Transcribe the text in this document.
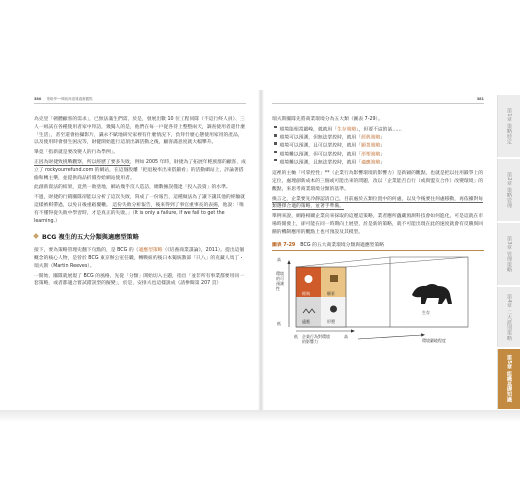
380 策略學──傳統與複雜適應觀點	381

為克里「韌體顧客的需求」，已無法滿生們需，於是，發展出數 10 位工程同隊（不這行終人員）、三人一組試在各種使用者家中拜訪，幾獨人的是，他們在每一戶從各待上整整兩天，調查使用者還什麼「生活」，甚至還會拍攝影片，識永不賦地研究家裡有什麼情況下，負拜什麼心態使用家用的產品，以及使用時會發生困況等，財健開始進行這項出調活動之後，顧客滿意度就大幅攀升。

畢竟「指新就是要改變人的行為學例」。

正因為財捷致挑戰觀察，所以經歷了要多失敗，例如 2005 年時，財捷為了拓展年輕族群的顧客，成立了 rockyourrefund.com 的網站，在這個股離「把退稅率出來搭鍛看」的活動網站上，評論著搭偷和轉主樂，並提供商品折價券給網站使用者。

此創新資法的結果，竟然一敗塗地，網站幾乎沒人造訪，總數擁誤僅達「投入設資」的水準。

不過，財捷的行銷團隊卻能以分析了這次失敗，寫成了一份報告，這種做法為了讓下讓其他的經驗就這樣被棋帶過，以免日後重蹈覆轍。 這份失敗分析報告，後來得到了事官重事長的表揚，他說：「唯有不懂得從失敗中學習時，才是真正的失敗。」（It is only a failure, if we fail to get the learning.）

BCG 複生的五大分類與適應型策略

接下，要為策略管理史翻下句點的，是 BCG 的（適應型策略（《培養商業謀論》，2011）。提出這個概念的核心人物，是曾於 BCG 東京辦公室任職，轉戰紐約後日本獨統教部「只八」的克藏人馬丁・瑞夫斯（Martin Reeves）。

一開始，團隊就展現了 BCG 的風格，先從「分類」開始切入主題，指出「並非所有事業都要用同一套策略，或者都適合嘗試錯誤型的擬變」，於是，安排夫也這樣說成（請參閱第 207 頁）

瑞夫斯團隊先將商業環境分為五大類（圖表 7-29）。

環境能相當嚴峻，就就用「生存策略」，但要不這的話……
環境可以預測，但無法掌控時，就用「經典策略」
環境可以預測，且可以掌控時，就用「願景策略」
環境難以預測，但可以掌控時，就用「形塑策略」
環境難以預測，且無法掌控時，就用「適應策略」

這裡的主軸「可掌控性」**（企業行為影響環境的影響力）是新穎的觀點，也就是把以往用鍛爭上的定位，處理創新成本的三個或可能出來的問題，改以「企業能否自行（或與盟友合作）改變環境」的觀點，來思考商業環境分類的基準。

換言之，企業要先冷靜認清自己，目前處於五類位置中的何處，以及今後要往何處移動，再依據對每類選擇合適的策略，並著手準備。

舉例來說，網路相關企業向來採取的這歷這策略，業者應所蘊藏預測科技會如何進化，可是這就在市場時開發上，卻可能在同一時期向上展望，於是新的策略，就不可能出現在此的速度就會有反饋與回饋的機制應用的觀點上也可預設及其模型。

圖表 7-29 BCG 的五大商業環境分類與適應型策略
高
環境的可預測性
低
經典	願景
適應	形塑
生存
低 企業行為對環境的影響力
高
環境嚴峻程度
第1章 策略特定
第2章 策略管理
第3章 管理策略
第4章 二大派別策略
第5章 組織基礎知識
